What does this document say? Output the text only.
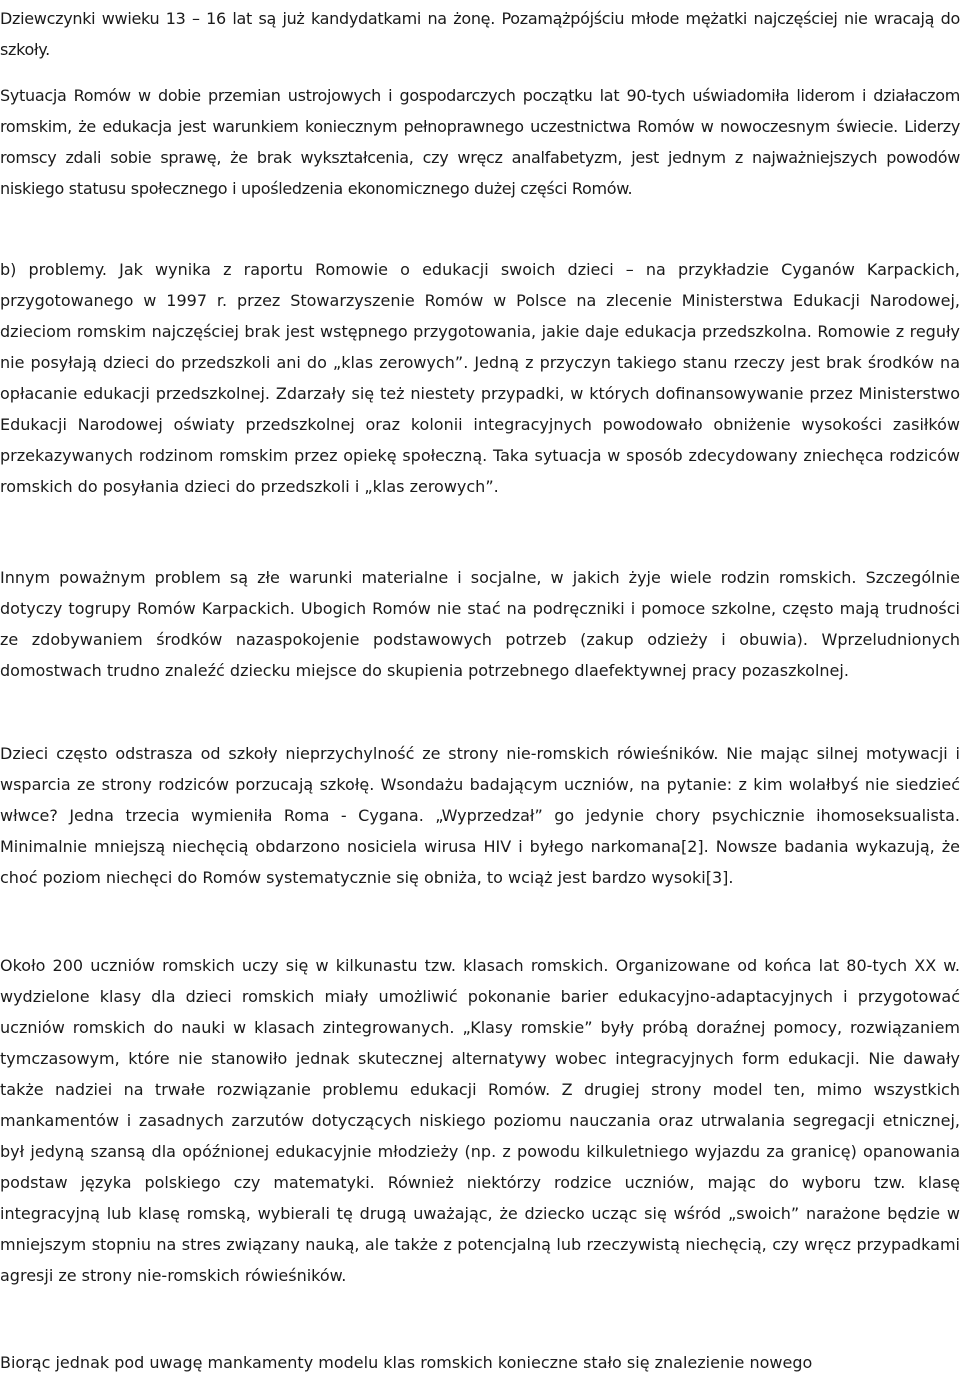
Dziewczynki wwieku 13 – 16 lat są już kandydatkami na żonę. Pozamążpójściu młode mężatki najczęściej nie wracają do szkoły.

Sytuacja Romów w dobie przemian ustrojowych i gospodarczych początku lat 90-tych uświadomiła liderom i działaczom romskim, że edukacja jest warunkiem koniecznym pełnoprawnego uczestnictwa Romów w nowoczesnym świecie. Liderzy romscy zdali sobie sprawę, że brak wykształcenia, czy wręcz analfabetyzm, jest jednym z najważniejszych powodów niskiego statusu społecznego i upośledzenia ekonomicznego dużej części Romów.

b) problemy. Jak wynika z raportu Romowie o edukacji swoich dzieci – na przykładzie Cyganów Karpackich, przygotowanego w 1997 r. przez Stowarzyszenie Romów w Polsce na zlecenie Ministerstwa Edukacji Narodowej, dzieciom romskim najczęściej brak jest wstępnego przygotowania, jakie daje edukacja przedszkolna. Romowie z reguły nie posyłają dzieci do przedszkoli ani do „klas zerowych”. Jedną z przyczyn takiego stanu rzeczy jest brak środków na opłacanie edukacji przedszkolnej. Zdarzały się też niestety przypadki, w których dofinansowywanie przez Ministerstwo Edukacji Narodowej oświaty przedszkolnej oraz kolonii integracyjnych powodowało obniżenie wysokości zasiłków przekazywanych rodzinom romskim przez opiekę społeczną. Taka sytuacja w sposób zdecydowany zniechęca rodziców romskich do posyłania dzieci do przedszkoli i „klas zerowych”.

Innym poważnym problem są złe warunki materialne i socjalne, w jakich żyje wiele rodzin romskich. Szczególnie dotyczy togrupy Romów Karpackich. Ubogich Romów nie stać na podręczniki i pomoce szkolne, często mają trudności ze zdobywaniem środków nazaspokojenie podstawowych potrzeb (zakup odzieży i obuwia). Wprzeludnionych domostwach trudno znaleźć dziecku miejsce do skupienia potrzebnego dlaefektywnej pracy pozaszkolnej.

Dzieci często odstrasza od szkoły nieprzychylność ze strony nie-romskich rówieśników. Nie mając silnej motywacji i wsparcia ze strony rodziców porzucają szkołę. Wsondażu badającym uczniów, na pytanie: z kim wolałbyś nie siedzieć włwce? Jedna trzecia wymieniła Roma - Cygana. „Wyprzedzał” go jedynie chory psychicznie ihomoseksualista. Minimalnie mniejszą niechęcią obdarzono nosiciela wirusa HIV i byłego narkomana[2]. Nowsze badania wykazują, że choć poziom niechęci do Romów systematycznie się obniża, to wciąż jest bardzo wysoki[3].

Około 200 uczniów romskich uczy się w kilkunastu tzw. klasach romskich. Organizowane od końca lat 80-tych XX w. wydzielone klasy dla dzieci romskich miały umożliwić pokonanie barier edukacyjno-adaptacyjnych i przygotować uczniów romskich do nauki w klasach zintegrowanych. „Klasy romskie” były próbą doraźnej pomocy, rozwiązaniem tymczasowym, które nie stanowiło jednak skutecznej alternatywy wobec integracyjnych form edukacji. Nie dawały także nadziei na trwałe rozwiązanie problemu edukacji Romów. Z drugiej strony model ten, mimo wszystkich mankamentów i zasadnych zarzutów dotyczących niskiego poziomu nauczania oraz utrwalania segregacji etnicznej, był jedyną szansą dla opóźnionej edukacyjnie młodzieży (np. z powodu kilkuletniego wyjazdu za granicę) opanowania podstaw języka polskiego czy matematyki. Również niektórzy rodzice uczniów, mając do wyboru tzw. klasę integracyjną lub klasę romską, wybierali tę drugą uważając, że dziecko ucząc się wśród „swoich” narażone będzie w mniejszym stopniu na stres związany nauką, ale także z potencjalną lub rzeczywistą niechęcią, czy wręcz przypadkami agresji ze strony nie-romskich rówieśników.

Biorąc jednak pod uwagę mankamenty modelu klas romskich konieczne stało się znalezienie nowego
